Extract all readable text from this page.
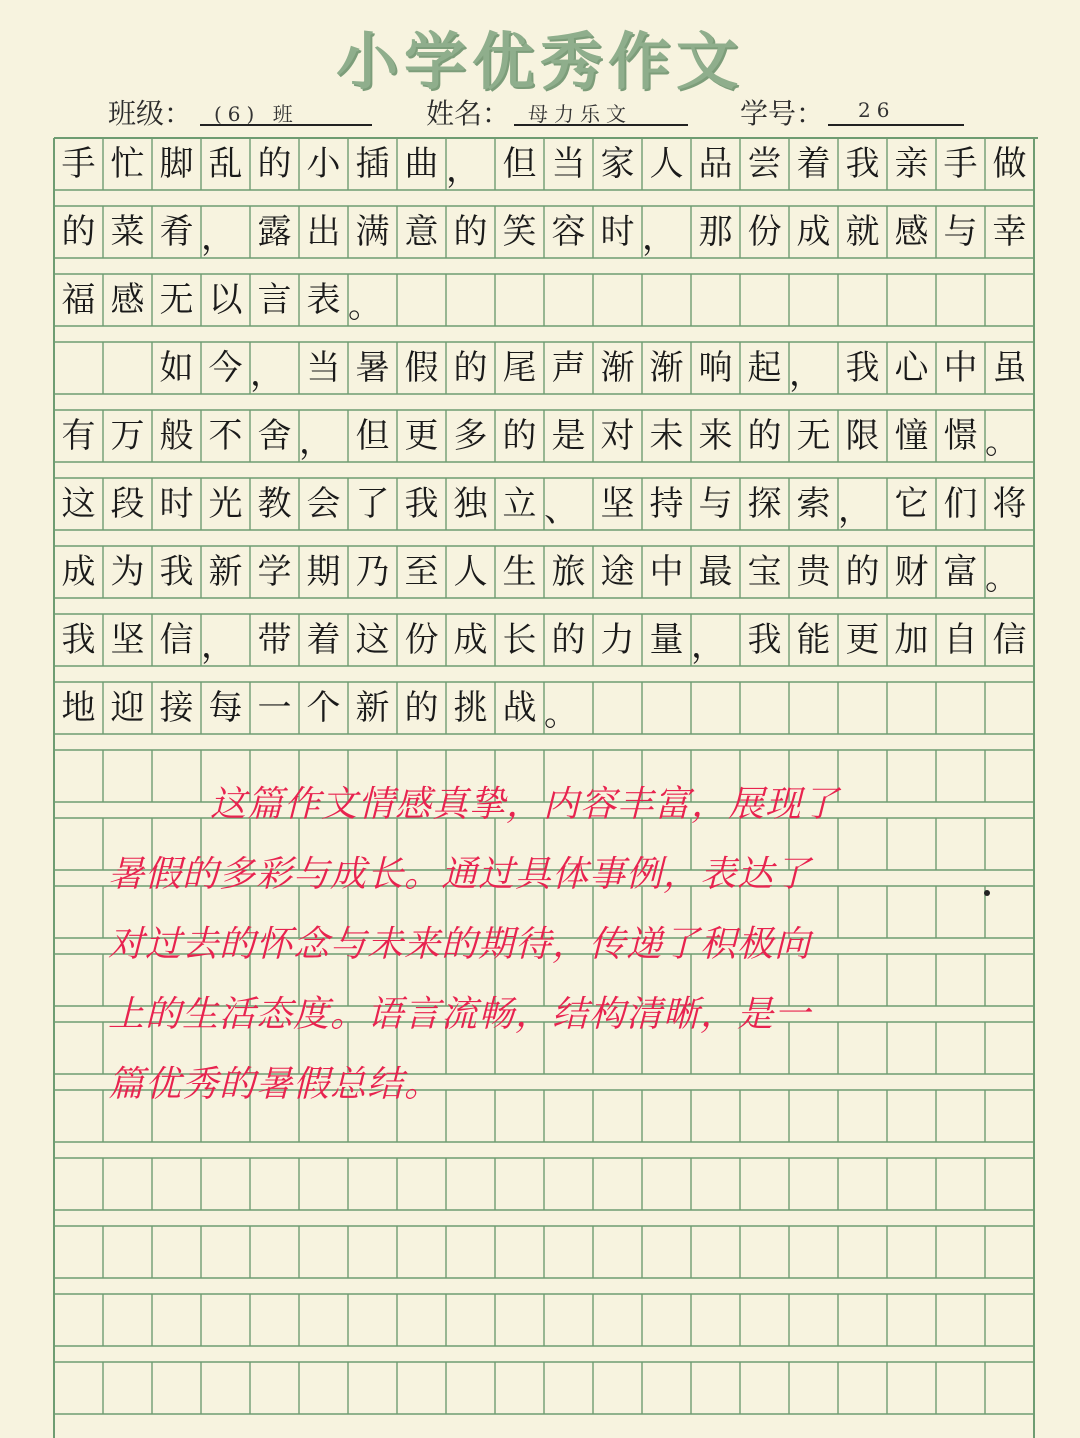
小学优秀作文
班级：	(6) 班	姓名： 母力乐文	学号：	26
手 忙 脚 乱 的 小 插 曲 ， 但 当 家 人 品 尝 着 我 亲 手 做
的 菜 肴 ， 露 出 满 意 的 笑 容 时 ， 那 份 成 就 感 与 幸
福 感 无 以 言 表 。

如 今 ， 当 暑 假 的 尾 声 渐 渐 响 起 ， 我 心 中 虽
有 万 般 不 舍 ， 但 更 多 的 是 对 未 来 的 无 限 憧 憬 。
这 段 时 光 教 会 了 我 独 立 、 坚 持 与 探 索 ， 它 们 将
成 为 我 新 学 期 乃 至 人 生 旅 途 中 最 宝 贵 的 财 富 。
我 坚 信 ， 带 着 这 份 成 长 的 力 量 ， 我 能 更 加 自 信
地 迎 接 每 一 个 新 的 挑 战 。
这篇作文情感真挚，内容丰富，展现了
暑假的多彩与成长。通过具体事例，表达了
对过去的怀念与未来的期待，传递了积极向
上的生活态度。语言流畅，结构清晰，是一
篇优秀的暑假总结。
